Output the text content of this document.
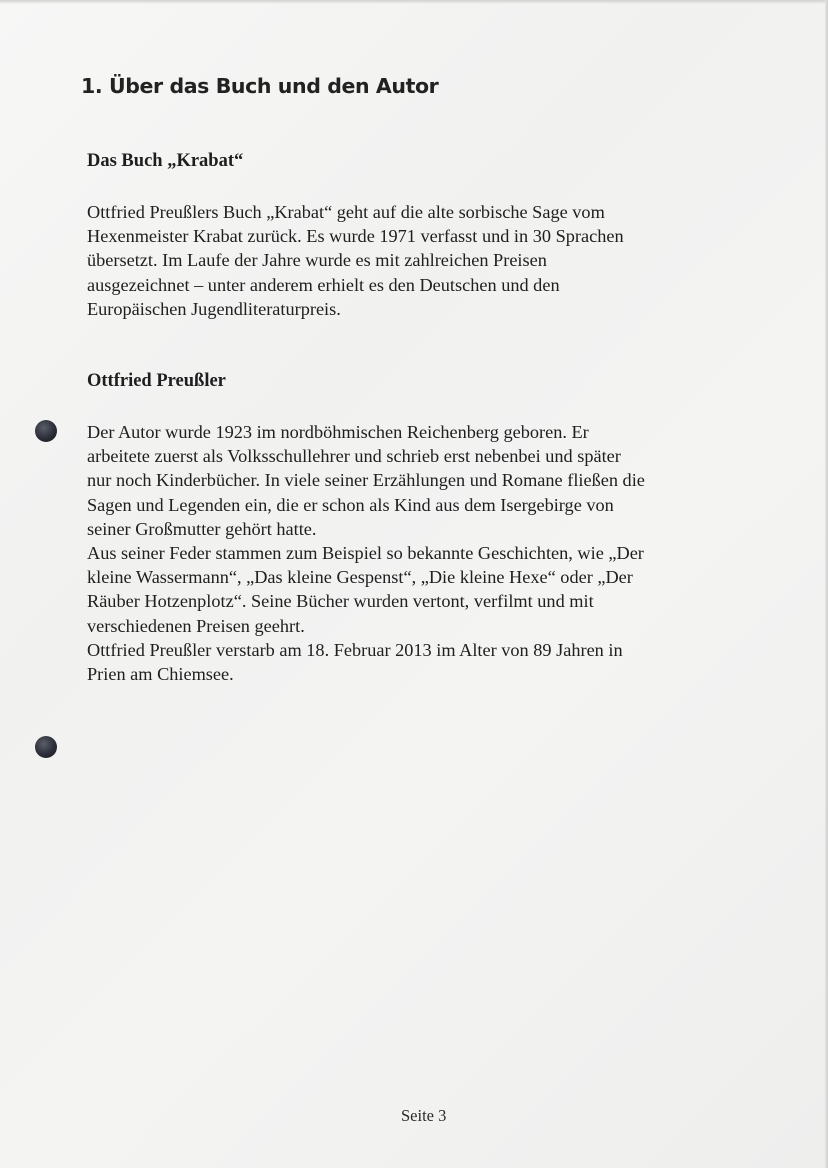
1. Über das Buch und den Autor
Das Buch „Krabat“

Ottfried Preußlers Buch „Krabat“ geht auf die alte sorbische Sage vom
Hexenmeister Krabat zurück. Es wurde 1971 verfasst und in 30 Sprachen
übersetzt. Im Laufe der Jahre wurde es mit zahlreichen Preisen
ausgezeichnet – unter anderem erhielt es den Deutschen und den
Europäischen Jugendliteraturpreis.

Ottfried Preußler

Der Autor wurde 1923 im nordböhmischen Reichenberg geboren. Er
arbeitete zuerst als Volksschullehrer und schrieb erst nebenbei und später
nur noch Kinderbücher. In viele seiner Erzählungen und Romane fließen die
Sagen und Legenden ein, die er schon als Kind aus dem Isergebirge von
seiner Großmutter gehört hatte.
Aus seiner Feder stammen zum Beispiel so bekannte Geschichten, wie „Der
kleine Wassermann“, „Das kleine Gespenst“, „Die kleine Hexe“ oder „Der
Räuber Hotzenplotz“. Seine Bücher wurden vertont, verfilmt und mit
verschiedenen Preisen geehrt.
Ottfried Preußler verstarb am 18. Februar 2013 im Alter von 89 Jahren in
Prien am Chiemsee.

Seite 3
